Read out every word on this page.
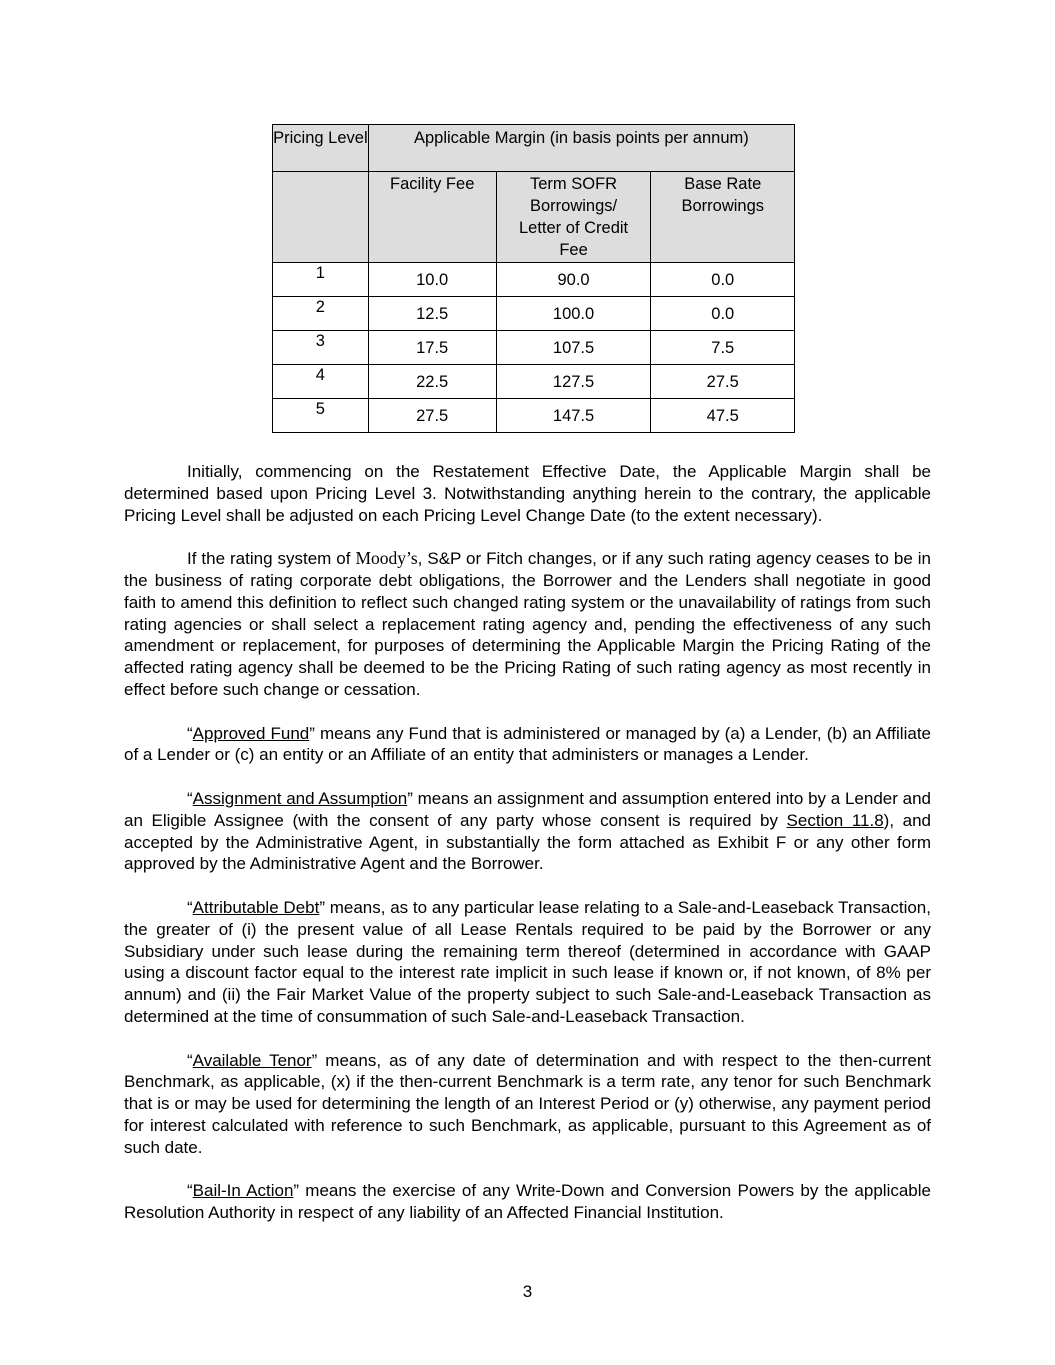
Pricing Level	Applicable Margin (in basis points per annum)		
	Facility Fee	Term SOFR Borrowings/ Letter of Credit Fee	Base Rate Borrowings
1	10.0	90.0	0.0
2	12.5	100.0	0.0
3	17.5	107.5	7.5
4	22.5	127.5	27.5
5	27.5	147.5	47.5

Initially, commencing on the Restatement Effective Date, the Applicable Margin shall be determined based upon Pricing Level 3. Notwithstanding anything herein to the contrary, the applicable Pricing Level shall be adjusted on each Pricing Level Change Date (to the extent necessary).

If the rating system of Moody’s, S&P or Fitch changes, or if any such rating agency ceases to be in the business of rating corporate debt obligations, the Borrower and the Lenders shall negotiate in good faith to amend this definition to reflect such changed rating system or the unavailability of ratings from such rating agencies or shall select a replacement rating agency and, pending the effectiveness of any such amendment or replacement, for purposes of determining the Applicable Margin the Pricing Rating of the affected rating agency shall be deemed to be the Pricing Rating of such rating agency as most recently in effect before such change or cessation.

“Approved Fund” means any Fund that is administered or managed by (a) a Lender, (b) an Affiliate of a Lender or (c) an entity or an Affiliate of an entity that administers or manages a Lender.

“Assignment and Assumption” means an assignment and assumption entered into by a Lender and an Eligible Assignee (with the consent of any party whose consent is required by Section 11.8), and accepted by the Administrative Agent, in substantially the form attached as Exhibit F or any other form approved by the Administrative Agent and the Borrower.

“Attributable Debt” means, as to any particular lease relating to a Sale-and-Leaseback Transaction, the greater of (i) the present value of all Lease Rentals required to be paid by the Borrower or any Subsidiary under such lease during the remaining term thereof (determined in accordance with GAAP using a discount factor equal to the interest rate implicit in such lease if known or, if not known, of 8% per annum) and (ii) the Fair Market Value of the property subject to such Sale-and-Leaseback Transaction as determined at the time of consummation of such Sale-and-Leaseback Transaction.

“Available Tenor” means, as of any date of determination and with respect to the then-current Benchmark, as applicable, (x) if the then-current Benchmark is a term rate, any tenor for such Benchmark that is or may be used for determining the length of an Interest Period or (y) otherwise, any payment period for interest calculated with reference to such Benchmark, as applicable, pursuant to this Agreement as of such date.

“Bail-In Action” means the exercise of any Write-Down and Conversion Powers by the applicable Resolution Authority in respect of any liability of an Affected Financial Institution.

3
